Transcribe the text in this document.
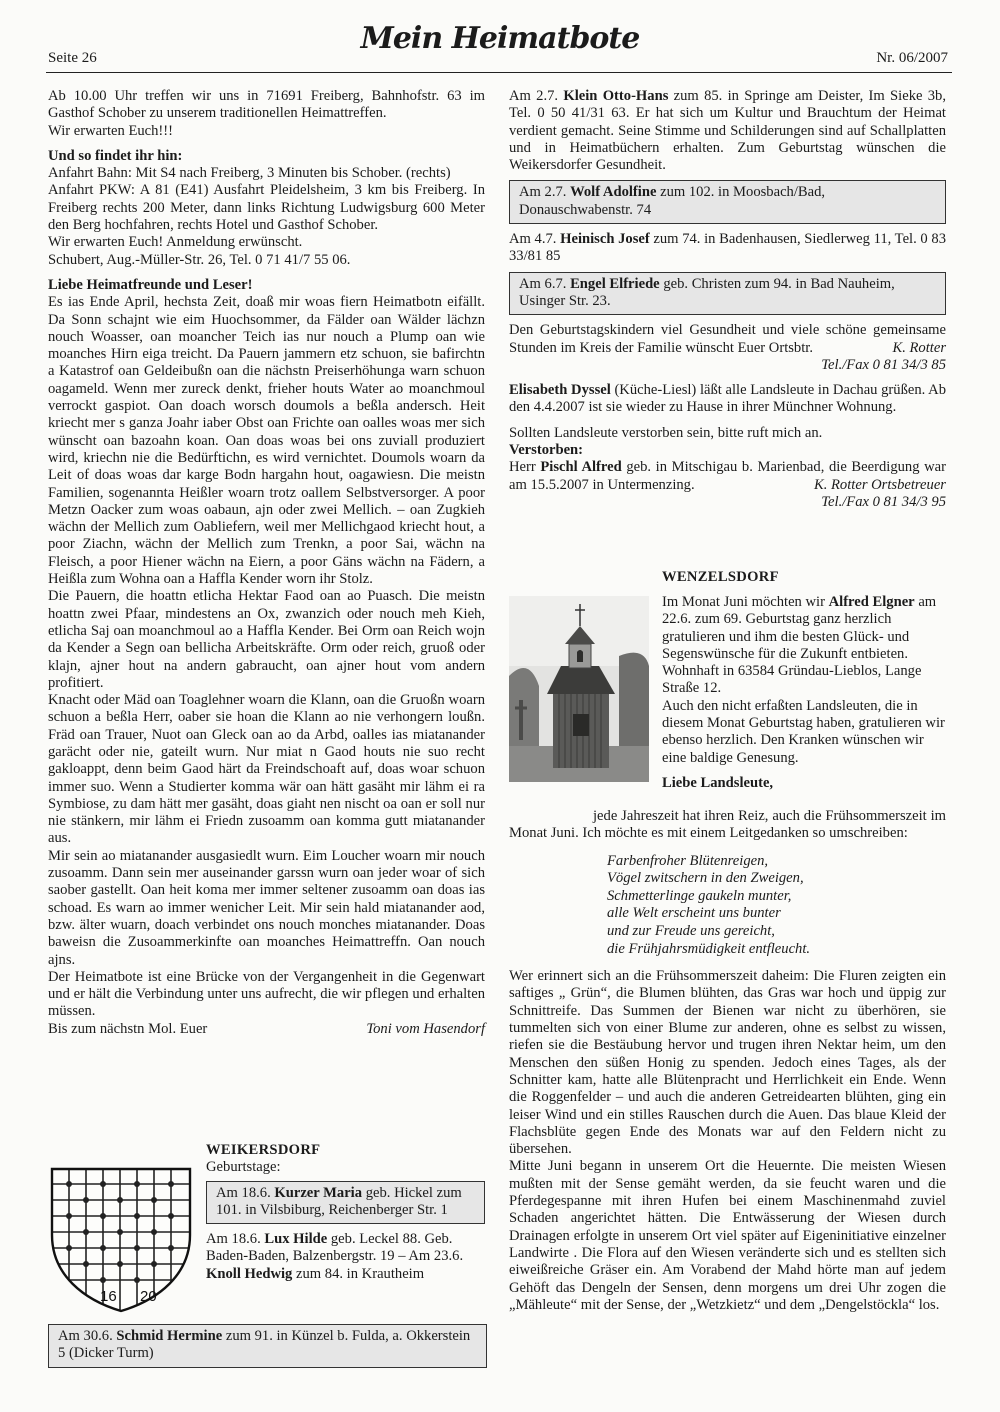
Seite 26
Mein Heimatbote
Nr. 06/2007

Ab 10.00 Uhr treffen wir uns in 71691 Freiberg, Bahnhofstr. 63 im Gasthof Schober zu unserem traditionellen Heimattreffen.

Wir erwarten Euch!!!

Und so findet ihr hin:

Anfahrt Bahn: Mit S4 nach Freiberg, 3 Minuten bis Schober. (rechts)

Anfahrt PKW: A 81 (E41) Ausfahrt Pleidelsheim, 3 km bis Freiberg. In Freiberg rechts 200 Meter, dann links Richtung Ludwigsburg 600 Meter den Berg hochfahren, rechts Hotel und Gasthof Schober.

Wir erwarten Euch! Anmeldung erwünscht.

Schubert, Aug.-Müller-Str. 26, Tel. 0 71 41/7 55 06.

Liebe Heimatfreunde und Leser!

Es ias Ende April, hechsta Zeit, doaß mir woas fiern Heimatbotn eifällt. Da Sonn schajnt wie eim Huochsommer, da Fälder oan Wälder lächzn nouch Woasser, oan moancher Teich ias nur nouch a Plump oan wie moanches Hirn eiga treicht. Da Pauern jammern etz schuon, sie bafirchtn a Katastrof oan Geldeibußn oan die nächstn Preiserhöhunga warn schuon oagameld. Wenn mer zureck denkt, frieher houts Water ao moanchmoul verrockt gaspiot. Oan doach worsch doumols a beßla andersch. Heit kriecht mer s ganza Joahr iaber Obst oan Frichte oan oalles woas mer sich wünscht oan bazoahn koan. Oan doas woas bei ons zuviall produziert wird, kriechn nie die Bedürftichn, es wird vernichtet. Doumols woarn da Leit of doas woas dar karge Bodn hargahn hout, oagawiesn. Die meistn Familien, sogenannta Heißler woarn trotz oallem Selbstversorger. A poor Metzn Oacker zum woas oabaun, ajn oder zwei Mellich. – oan Zugkieh wächn der Mellich zum Oabliefern, weil mer Mellichgaod kriecht hout, a poor Ziachn, wächn der Mellich zum Trenkn, a poor Sai, wächn na Fleisch, a poor Hiener wächn na Eiern, a poor Gäns wächn na Fädern, a Heißla zum Wohna oan a Haffla Kender worn ihr Stolz.

Die Pauern, die hoattn etlicha Hektar Faod oan ao Puasch. Die meistn hoattn zwei Pfaar, mindestens an Ox, zwanzich oder nouch meh Kieh, etlicha Saj oan moanchmoul ao a Haffla Kender. Bei Orm oan Reich wojn da Kender a Segn oan bellicha Arbeitskräfte. Orm oder reich, gruoß oder klajn, ajner hout na andern gabraucht, oan ajner hout vom andern profitiert.

Knacht oder Mäd oan Toaglehner woarn die Klann, oan die Gruoßn woarn schuon a beßla Herr, oaber sie hoan die Klann ao nie verhongern loußn. Fräd oan Trauer, Nuot oan Gleck oan ao da Arbd, oalles ias miatanander garächt oder nie, gateilt wurn. Nur miat n Gaod houts nie suo recht gakloappt, denn beim Gaod härt da Freindschoaft auf, doas woar schuon immer suo. Wenn a Studierter komma wär oan hätt gasäht mir lähm ei ra Symbiose, zu dam hätt mer gasäht, doas giaht nen nischt oa oan er soll nur nie stänkern, mir lähm ei Friedn zusoamm oan komma gutt miatanander aus.

Mir sein ao miatanander ausgasiedlt wurn. Eim Loucher woarn mir nouch zusoamm. Dann sein mer auseinander garssn wurn oan jeder woar of sich saober gastellt. Oan heit koma mer immer seltener zusoamm oan doas ias schoad. Es warn ao immer wenicher Leit. Mir sein hald miatanander aod, bzw. älter wuarn, doach verbindet ons nouch monches miatanander. Doas baweisn die Zusoammerkinfte oan moanches Heimattreffn. Oan nouch ajns.

Der Heimatbote ist eine Brücke von der Vergangenheit in die Gegenwart und er hält die Verbindung unter uns aufrecht, die wir pflegen und erhalten müssen.

Bis zum nächstn Mol. Euer	Toni vom Hasendorf

WEIKERSDORF

Geburtstage:

Am 18.6. Kurzer Maria geb. Hickel zum 101. in Vilsbiburg, Reichenberger Str. 1

Am 18.6. Lux Hilde geb. Leckel 88. Geb. Baden-Baden, Balzenbergstr. 19 – Am 23.6. Knoll Hedwig zum 84. in Krautheim

16 20
Am 30.6. Schmid Hermine zum 91. in Künzel b. Fulda, a. Okkerstein 5 (Dicker Turm)

Am 2.7. Klein Otto-Hans zum 85. in Springe am Deister, Im Sieke 3b, Tel. 0 50 41/31 63. Er hat sich um Kultur und Brauchtum der Heimat verdient gemacht. Seine Stimme und Schilderungen sind auf Schallplatten und in Heimatbüchern erhalten. Zum Geburtstag wünschen die Weikersdorfer Gesundheit.

Am 2.7. Wolf Adolfine zum 102. in Moosbach/Bad, Donauschwabenstr. 74

Am 4.7. Heinisch Josef zum 74. in Badenhausen, Siedlerweg 11, Tel. 0 83 33/81 85

Am 6.7. Engel Elfriede geb. Christen zum 94. in Bad Nauheim, Usinger Str. 23.

Den Geburtstagskindern viel Gesundheit und viele schöne gemeinsame Stunden im Kreis der Familie wünscht Euer Ortsbtr.	K. Rotter

Tel./Fax 0 81 34/3 85

Elisabeth Dyssel (Küche-Liesl) läßt alle Landsleute in Dachau grüßen. Ab den 4.4.2007 ist sie wieder zu Hause in ihrer Münchner Wohnung.

Sollten Landsleute verstorben sein, bitte ruft mich an.

Verstorben:

Herr Pischl Alfred geb. in Mitschigau b. Marienbad, die Beerdigung war am 15.5.2007 in Untermenzing.	K. Rotter Ortsbetreuer

Tel./Fax 0 81 34/3 95

WENZELSDORF

Im Monat Juni möchten wir Alfred Elgner am 22.6. zum 69. Geburtstag ganz herzlich gratulieren und ihm die besten Glück- und Segenswünsche für die Zukunft entbieten. Wohnhaft in 63584 Gründau-Lieblos, Lange Straße 12.

Auch den nicht erfaßten Landsleuten, die in diesem Monat Geburtstag haben, gratulieren wir ebenso herzlich. Den Kranken wünschen wir eine baldige Genesung.

Liebe Landsleute,

jede Jahreszeit hat ihren Reiz, auch die Frühsommerszeit im Monat Juni. Ich möchte es mit einem Leitgedanken so umschreiben:

Farbenfroher Blütenreigen,
Vögel zwitschern in den Zweigen,
Schmetterlinge gaukeln munter,
alle Welt erscheint uns bunter
und zur Freude uns gereicht,
die Frühjahrsmüdigkeit entfleucht.

Wer erinnert sich an die Frühsommerszeit daheim: Die Fluren zeigten ein saftiges „ Grün“, die Blumen blühten, das Gras war hoch und üppig zur Schnittreife. Das Summen der Bienen war nicht zu überhören, sie tummelten sich von einer Blume zur anderen, ohne es selbst zu wissen, riefen sie die Bestäubung hervor und trugen ihren Nektar heim, um den Menschen den süßen Honig zu spenden. Jedoch eines Tages, als der Schnitter kam, hatte alle Blütenpracht und Herrlichkeit ein Ende. Wenn die Roggenfelder – und auch die anderen Getreidearten blühten, ging ein leiser Wind und ein stilles Rauschen durch die Auen. Das blaue Kleid der Flachsblüte gegen Ende des Monats war auf den Feldern nicht zu übersehen.

Mitte Juni begann in unserem Ort die Heuernte. Die meisten Wiesen mußten mit der Sense gemäht werden, da sie feucht waren und die Pferdegespanne mit ihren Hufen bei einem Maschinenmahd zuviel Schaden angerichtet hätten. Die Entwässerung der Wiesen durch Drainagen erfolgte in unserem Ort viel später auf Eigeninitiative einzelner Landwirte . Die Flora auf den Wiesen veränderte sich und es stellten sich eiweißreiche Gräser ein. Am Vorabend der Mahd hörte man auf jedem Gehöft das Dengeln der Sensen, denn morgens um drei Uhr zogen die „Mähleute“ mit der Sense, der „Wetzkietz“ und dem „Dengelstöckla“ los.
